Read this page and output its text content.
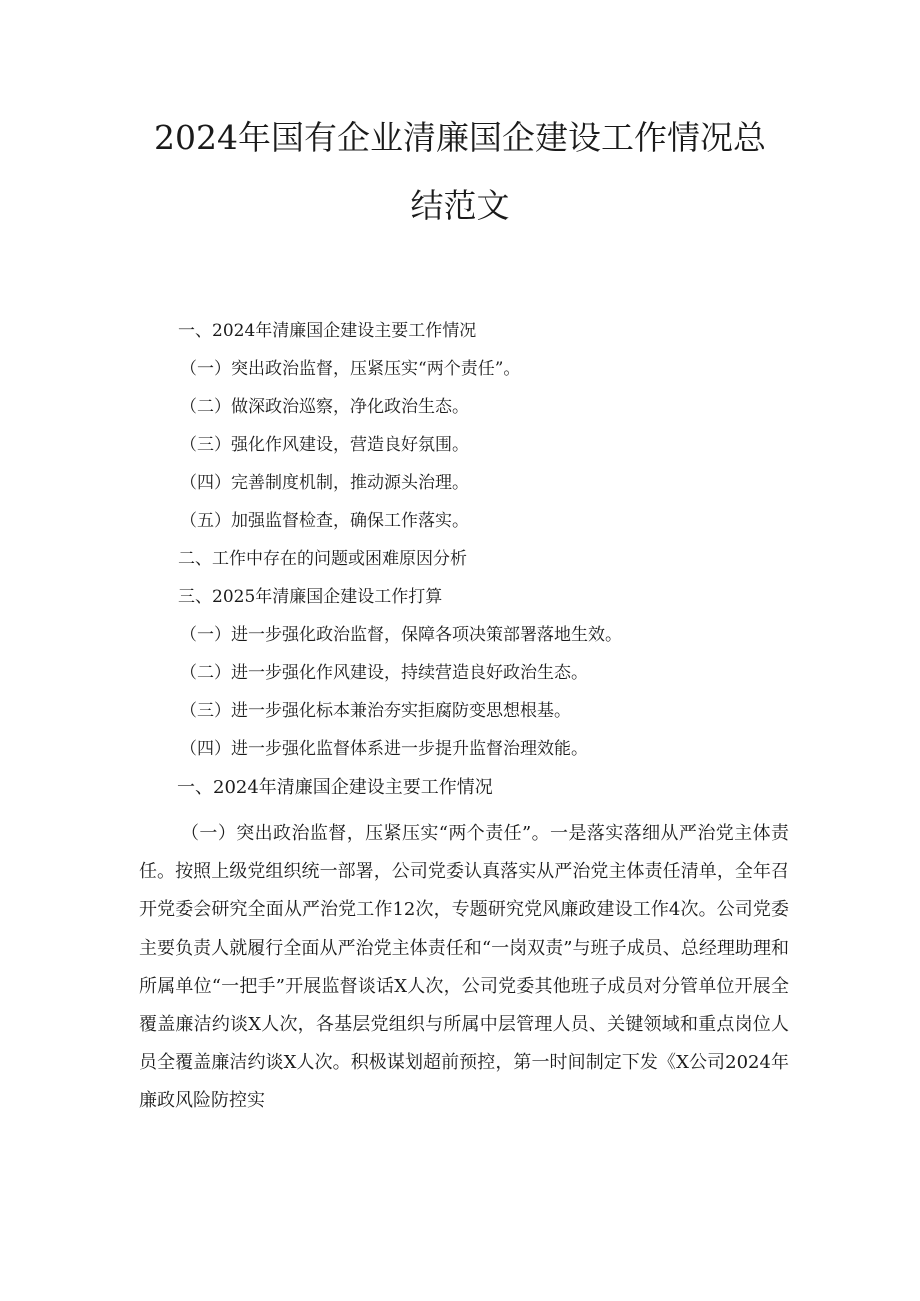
2024年国有企业清廉国企建设工作情况总
结范文
一、2024年清廉国企建设主要工作情况
（一）突出政治监督，压紧压实“两个责任”。
（二）做深政治巡察，净化政治生态。
（三）强化作风建设，营造良好氛围。
（四）完善制度机制，推动源头治理。
（五）加强监督检查，确保工作落实。
二、工作中存在的问题或困难原因分析
三、2025年清廉国企建设工作打算
（一）进一步强化政治监督，保障各项决策部署落地生效。
（二）进一步强化作风建设，持续营造良好政治生态。
（三）进一步强化标本兼治夯实拒腐防变思想根基。
（四）进一步强化监督体系进一步提升监督治理效能。
一、2024年清廉国企建设主要工作情况

（一）突出政治监督，压紧压实“两个责任”。一是落实落细从严治党主体责任。按照上级党组织统一部署，公司党委认真落实从严治党主体责任清单，全年召开党委会研究全面从严治党工作12次，专题研究党风廉政建设工作4次。公司党委主要负责人就履行全面从严治党主体责任和“一岗双责”与班子成员、总经理助理和所属单位“一把手”开展监督谈话X人次，公司党委其他班子成员对分管单位开展全覆盖廉洁约谈X人次，各基层党组织与所属中层管理人员、关键领域和重点岗位人员全覆盖廉洁约谈X人次。积极谋划超前预控，第一时间制定下发《X公司2024年廉政风险防控实
